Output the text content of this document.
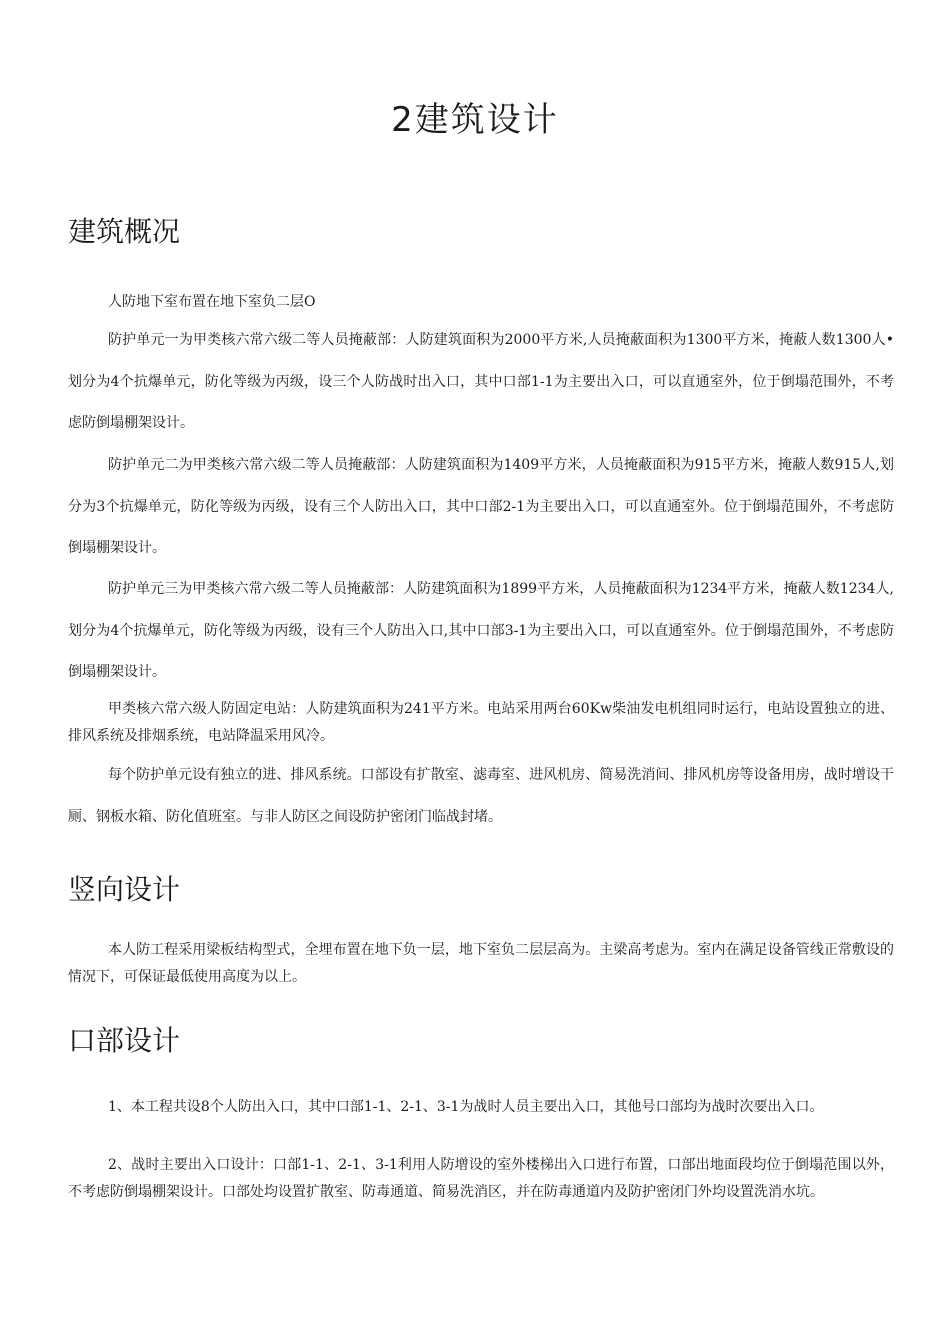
2建筑设计
建筑概况

人防地下室布置在地下室负二层O

防护单元一为甲类核六常六级二等人员掩蔽部：人防建筑面积为2000平方米,人员掩蔽面积为1300平方米，掩蔽人数1300人•划分为4个抗爆单元，防化等级为丙级，设三个人防战时出入口，其中口部1-1为主要出入口，可以直通室外，位于倒塌范围外，不考虑防倒塌棚架设计。

防护单元二为甲类核六常六级二等人员掩蔽部：人防建筑面积为1409平方米，人员掩蔽面积为915平方米，掩蔽人数915人,划分为3个抗爆单元，防化等级为丙级，设有三个人防出入口，其中口部2-1为主要出入口，可以直通室外。位于倒塌范围外，不考虑防倒塌棚架设计。

防护单元三为甲类核六常六级二等人员掩蔽部：人防建筑面积为1899平方米，人员掩蔽面积为1234平方米，掩蔽人数1234人,划分为4个抗爆单元，防化等级为丙级，设有三个人防出入口,其中口部3-1为主要出入口，可以直通室外。位于倒塌范围外，不考虑防倒塌棚架设计。

甲类核六常六级人防固定电站：人防建筑面积为241平方米。电站采用两台60Kw柴油发电机组同时运行，电站设置独立的进、排风系统及排烟系统，电站降温采用风冷。

每个防护单元设有独立的进、排风系统。口部设有扩散室、滤毒室、进风机房、简易洗消间、排风机房等设备用房，战时增设干厕、钢板水箱、防化值班室。与非人防区之间设防护密闭门临战封堵。

竖向设计

本人防工程采用梁板结构型式，全埋布置在地下负一层，地下室负二层层高为。主梁高考虑为。室内在满足设备管线正常敷设的情况下，可保证最低使用高度为以上。

口部设计

1、本工程共设8个人防出入口，其中口部1-1、2-1、3-1为战时人员主要出入口，其他号口部均为战时次要出入口。

2、战时主要出入口设计：口部1-1、2-1、3-1利用人防增设的室外楼梯出入口进行布置，口部出地面段均位于倒塌范围以外，不考虑防倒塌棚架设计。口部处均设置扩散室、防毒通道、简易洗消区，并在防毒通道内及防护密闭门外均设置洗消水坑。
